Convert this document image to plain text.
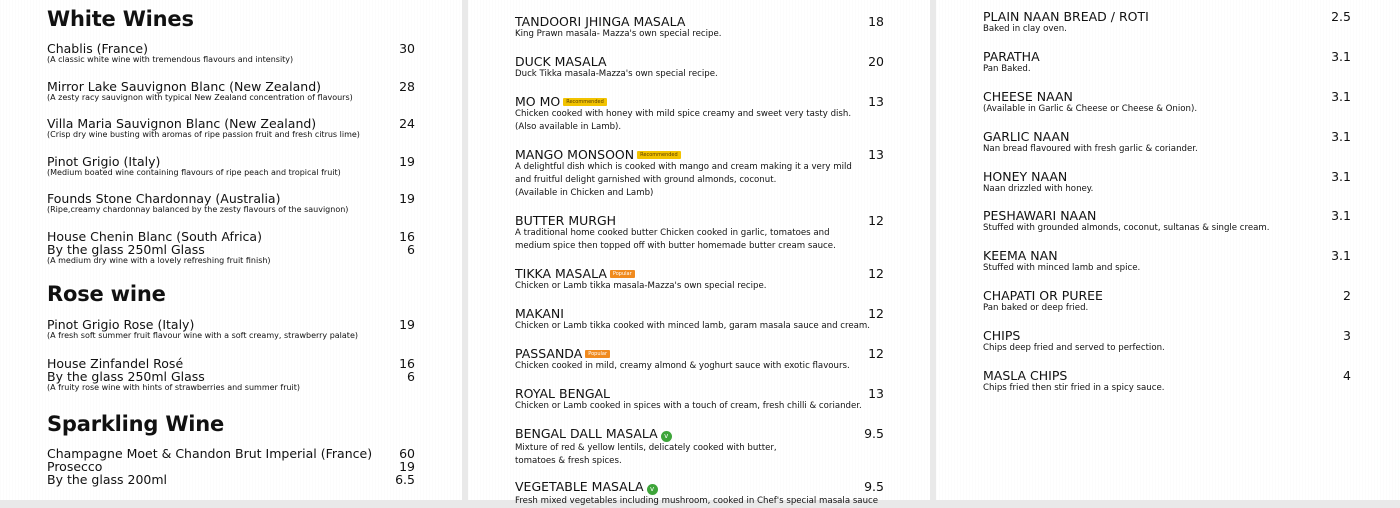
White Wines
Chablis (France)
(A classic white wine with tremendous flavours and intensity)
30
Mirror Lake Sauvignon Blanc (New Zealand)
(A zesty racy sauvignon with typical New Zealand concentration of flavours)
28
Villa Maria Sauvignon Blanc (New Zealand)
(Crisp dry wine busting with aromas of ripe passion fruit and fresh citrus lime)
24
Pinot Grigio (Italy)
(Medium boated wine containing flavours of ripe peach and tropical fruit)
19
Founds Stone Chardonnay (Australia)
(Ripe,creamy chardonnay balanced by the zesty flavours of the sauvignon)
19
House Chenin Blanc (South Africa)
By the glass 250ml Glass
(A medium dry wine with a lovely refreshing fruit finish)
16
6
Rose wine
Pinot Grigio Rose (Italy)
(A fresh soft summer fruit flavour wine with a soft creamy, strawberry palate)
19
House Zinfandel Rosé
By the glass 250ml Glass
(A fruity rose wine with hints of strawberries and summer fruit)
16
6
Sparkling Wine
Champagne Moet & Chandon Brut Imperial (France)
Prosecco
By the glass 200ml
60
19
6.5
TANDOORI JHINGA MASALA
King Prawn masala- Mazza's own special recipe.
18
DUCK MASALA
Duck Tikka masala-Mazza's own special recipe.
20
MO MO Recommended
Chicken cooked with honey with mild spice creamy and sweet very tasty dish.
(Also available in Lamb).
13
MANGO MONSOON Recommended
A delightful dish which is cooked with mango and cream making it a very mild
and fruitful delight garnished with ground almonds, coconut.
(Available in Chicken and Lamb)
13
BUTTER MURGH
A traditional home cooked butter Chicken cooked in garlic, tomatoes and
medium spice then topped off with butter homemade butter cream sauce.
12
TIKKA MASALA Popular
Chicken or Lamb tikka masala-Mazza's own special recipe.
12
MAKANI
Chicken or Lamb tikka cooked with minced lamb, garam masala sauce and cream.
12
PASSANDA Popular
Chicken cooked in mild, creamy almond & yoghurt sauce with exotic flavours.
12
ROYAL BENGAL
Chicken or Lamb cooked in spices with a touch of cream, fresh chilli & coriander.
13
BENGAL DALL MASALA v
Mixture of red & yellow lentils, delicately cooked with butter,
tomatoes & fresh spices.
9.5
VEGETABLE MASALA v
Fresh mixed vegetables including mushroom, cooked in Chef's special masala sauce
9.5
PLAIN NAAN BREAD / ROTI
Baked in clay oven.
2.5
PARATHA
Pan Baked.
3.1
CHEESE NAAN
(Available in Garlic & Cheese or Cheese & Onion).
3.1
GARLIC NAAN
Nan bread flavoured with fresh garlic & coriander.
3.1
HONEY NAAN
Naan drizzled with honey.
3.1
PESHAWARI NAAN
Stuffed with grounded almonds, coconut, sultanas & single cream.
3.1
KEEMA NAN
Stuffed with minced lamb and spice.
3.1
CHAPATI OR PUREE
Pan baked or deep fried.
2
CHIPS
Chips deep fried and served to perfection.
3
MASLA CHIPS
Chips fried then stir fried in a spicy sauce.
4
